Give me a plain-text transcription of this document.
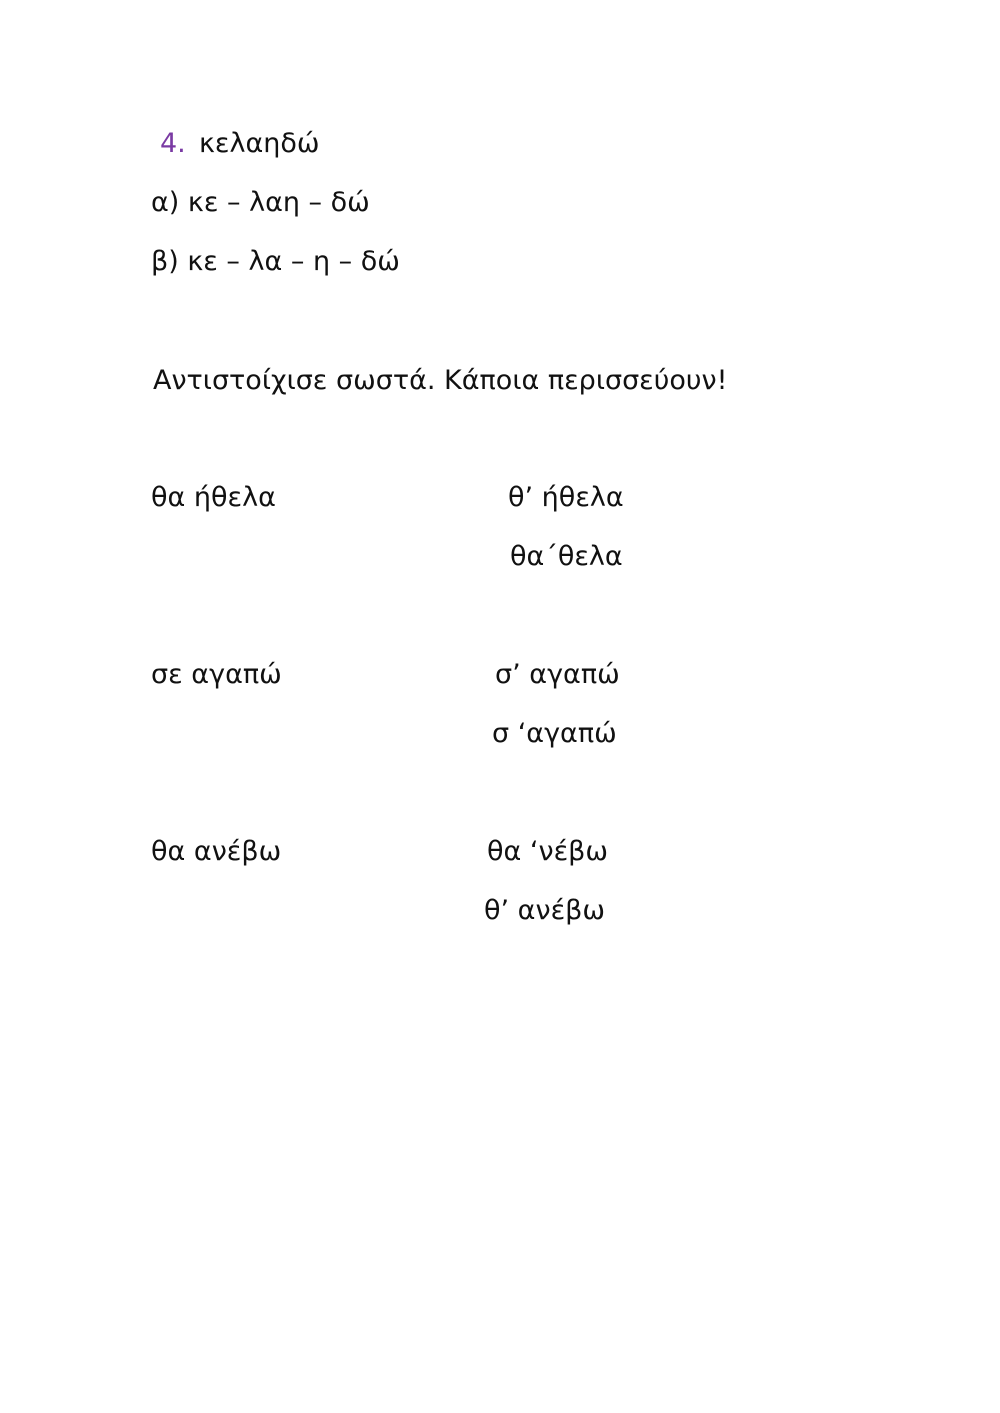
4. κελαηδώ
α) κε – λαη – δώ
β) κε – λα – η – δώ
Αντιστοίχισε σωστά. Κάποια περισσεύουν!
θα ήθελα	θ’ ήθελα
θα΄θελα
σε αγαπώ	σ’ αγαπώ
σ ‘αγαπώ
θα ανέβω	θα ‘νέβω
θ’ ανέβω
